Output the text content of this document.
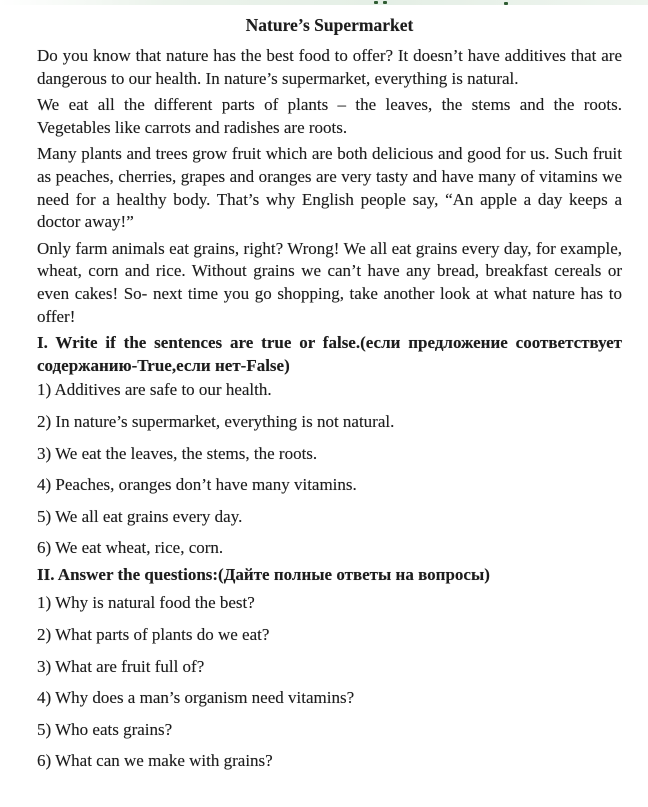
Nature’s Supermarket

Do you know that nature has the best food to offer? It doesn’t have additives that are dangerous to our health. In nature’s supermarket, everything is natural.

We eat all the different parts of plants – the leaves, the stems and the roots. Vegetables like carrots and radishes are roots.

Many plants and trees grow fruit which are both delicious and good for us. Such fruit as peaches, cherries, grapes and oranges are very tasty and have many of vitamins we need for a healthy body. That’s why English people say, “An apple a day keeps a doctor away!”

Only farm animals eat grains, right? Wrong! We all eat grains every day, for example, wheat, corn and rice. Without grains we can’t have any bread, breakfast cereals or even cakes! So- next time you go shopping, take another look at what nature has to offer!

I. Write if the sentences are true or false.(если предложение соответствует содержанию-True,если нет-False)

1) Additives are safe to our health.

2) In nature’s supermarket, everything is not natural.

3) We eat the leaves, the stems, the roots.

4) Peaches, oranges don’t have many vitamins.

5) We all eat grains every day.

6) We eat wheat, rice, corn.

II. Answer the questions:(Дайте полные ответы на вопросы)

1) Why is natural food the best?

2) What parts of plants do we eat?

3) What are fruit full of?

4) Why does a man’s organism need vitamins?

5) Who eats grains?

6) What can we make with grains?
